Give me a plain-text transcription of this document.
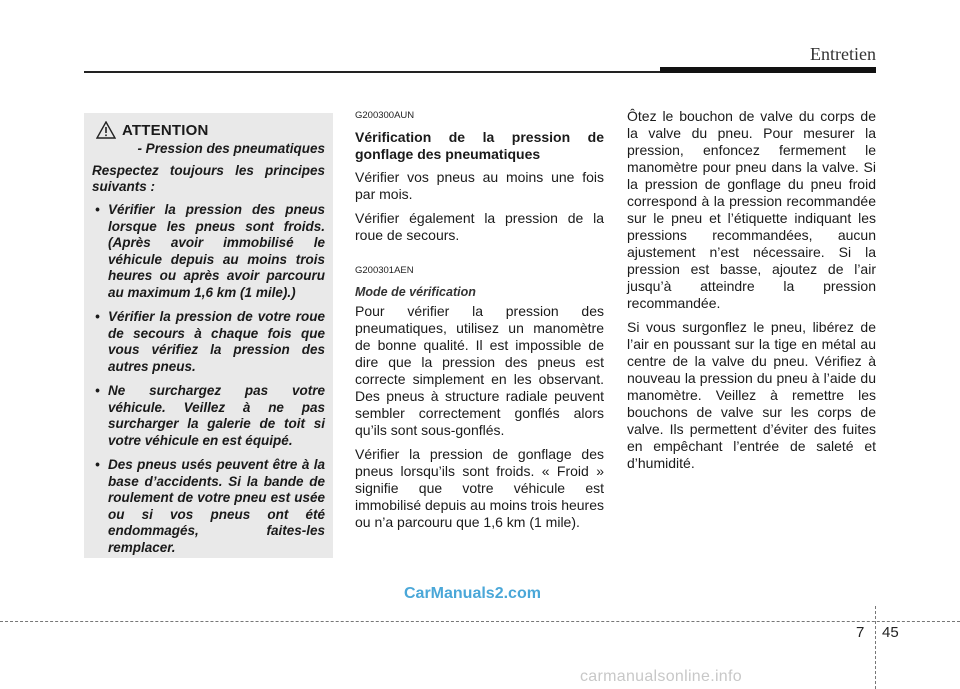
Entretien
ATTENTION
- Pression des pneumatiques

Respectez toujours les principes suivants :

• Vérifier la pression des pneus lorsque les pneus sont froids. (Après avoir immobilisé le véhicule depuis au moins trois heures ou après avoir parcouru au maximum 1,6 km (1 mile).)
• Vérifier la pression de votre roue de secours à chaque fois que vous vérifiez la pression des autres pneus.
• Ne surchargez pas votre véhicule. Veillez à ne pas surcharger la galerie de toit si votre véhicule en est équipé.
• Des pneus usés peuvent être à la base d’accidents. Si la bande de roulement de votre pneu est usée ou si vos pneus ont été endommagés, faites-les remplacer.
G200300AUN
Vérification de la pression de gonflage des pneumatiques

Vérifier vos pneus au moins une fois par mois.

Vérifier également la pression de la roue de secours.

G200301AEN
Mode de vérification

Pour vérifier la pression des pneumatiques, utilisez un manomètre de bonne qualité. Il est impossible de dire que la pression des pneus est correcte simplement en les observant. Des pneus à structure radiale peuvent sembler correctement gonflés alors qu’ils sont sous-gonflés.

Vérifier la pression de gonflage des pneus lorsqu’ils sont froids. « Froid » signifie que votre véhicule est immobilisé depuis au moins trois heures ou n’a parcouru que 1,6 km (1 mile).

Ôtez le bouchon de valve du corps de la valve du pneu. Pour mesurer la pression, enfoncez fermement le manomètre pour pneu dans la valve. Si la pression de gonflage du pneu froid correspond à la pression recommandée sur le pneu et l’étiquette indiquant les pressions recommandées, aucun ajustement n’est nécessaire. Si la pression est basse, ajoutez de l’air jusqu’à atteindre la pression recommandée.

Si vous surgonflez le pneu, libérez de l’air en poussant sur la tige en métal au centre de la valve du pneu. Vérifiez à nouveau la pression du pneu à l’aide du manomètre. Veillez à remettre les bouchons de valve sur les corps de valve. Ils permettent d’éviter des fuites en empêchant l’entrée de saleté et d’humidité.

CarManuals2.com
7 45
carmanualsonline.info
